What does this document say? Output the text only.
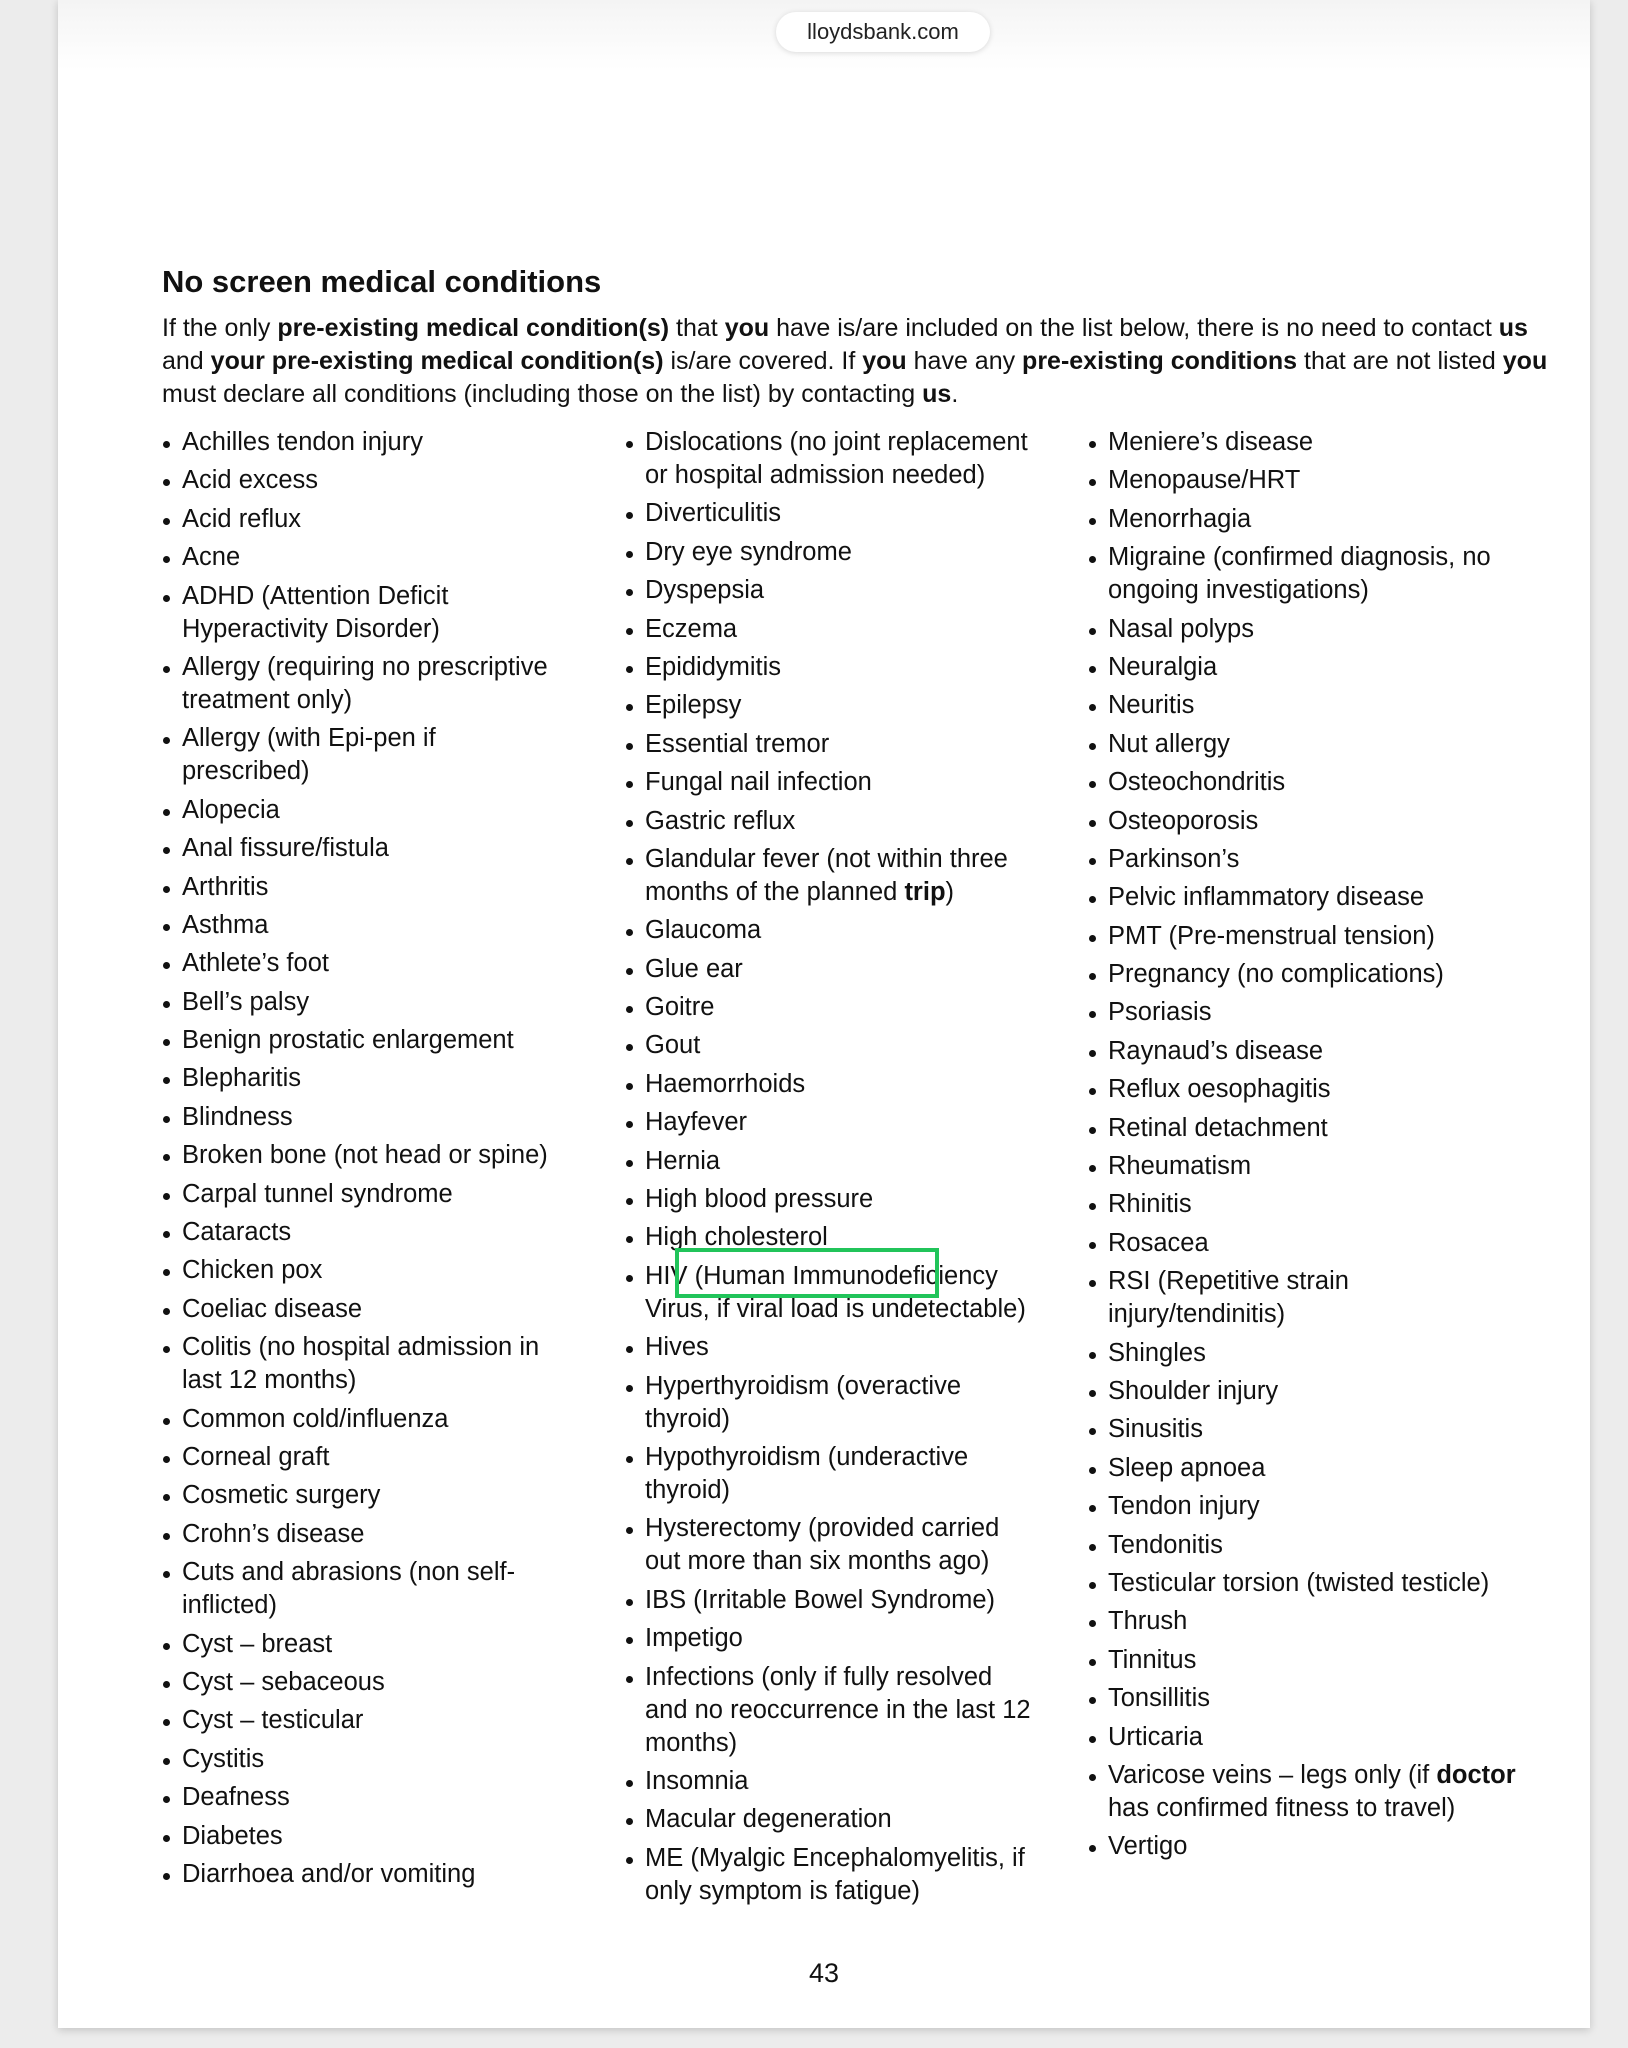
lloydsbank.com
No screen medical conditions

If the only pre-existing medical condition(s) that you have is/are included on the list below, there is no need to contact us and your pre-existing medical condition(s) is/are covered. If you have any pre-existing conditions that are not listed you must declare all conditions (including those on the list) by contacting us.

Achilles tendon injury
Acid excess
Acid reflux
Acne
ADHD (Attention Deficit Hyperactivity Disorder)
Allergy (requiring no prescriptive treatment only)
Allergy (with Epi-pen if prescribed)
Alopecia
Anal fissure/fistula
Arthritis
Asthma
Athlete’s foot
Bell’s palsy
Benign prostatic enlargement
Blepharitis
Blindness
Broken bone (not head or spine)
Carpal tunnel syndrome
Cataracts
Chicken pox
Coeliac disease
Colitis (no hospital admission in last 12 months)
Common cold/influenza
Corneal graft
Cosmetic surgery
Crohn’s disease
Cuts and abrasions (non self-inflicted)
Cyst – breast
Cyst – sebaceous
Cyst – testicular
Cystitis
Deafness
Diabetes
Diarrhoea and/or vomiting
Dislocations (no joint replacement or hospital admission needed)
Diverticulitis
Dry eye syndrome
Dyspepsia
Eczema
Epididymitis
Epilepsy
Essential tremor
Fungal nail infection
Gastric reflux
Glandular fever (not within three months of the planned trip)
Glaucoma
Glue ear
Goitre
Gout
Haemorrhoids
Hayfever
Hernia
High blood pressure
High cholesterol
HIV (Human Immunodeficiency Virus, if viral load is undetectable)
Hives
Hyperthyroidism (overactive thyroid)
Hypothyroidism (underactive thyroid)
Hysterectomy (provided carried out more than six months ago)
IBS (Irritable Bowel Syndrome)
Impetigo
Infections (only if fully resolved and no reoccurrence in the last 12 months)
Insomnia
Macular degeneration
ME (Myalgic Encephalomyelitis, if only symptom is fatigue)
Meniere’s disease
Menopause/HRT
Menorrhagia
Migraine (confirmed diagnosis, no ongoing investigations)
Nasal polyps
Neuralgia
Neuritis
Nut allergy
Osteochondritis
Osteoporosis
Parkinson’s
Pelvic inflammatory disease
PMT (Pre-menstrual tension)
Pregnancy (no complications)
Psoriasis
Raynaud’s disease
Reflux oesophagitis
Retinal detachment
Rheumatism
Rhinitis
Rosacea
RSI (Repetitive strain injury/tendinitis)
Shingles
Shoulder injury
Sinusitis
Sleep apnoea
Tendon injury
Tendonitis
Testicular torsion (twisted testicle)
Thrush
Tinnitus
Tonsillitis
Urticaria
Varicose veins – legs only (if doctor has confirmed fitness to travel)
Vertigo
43
